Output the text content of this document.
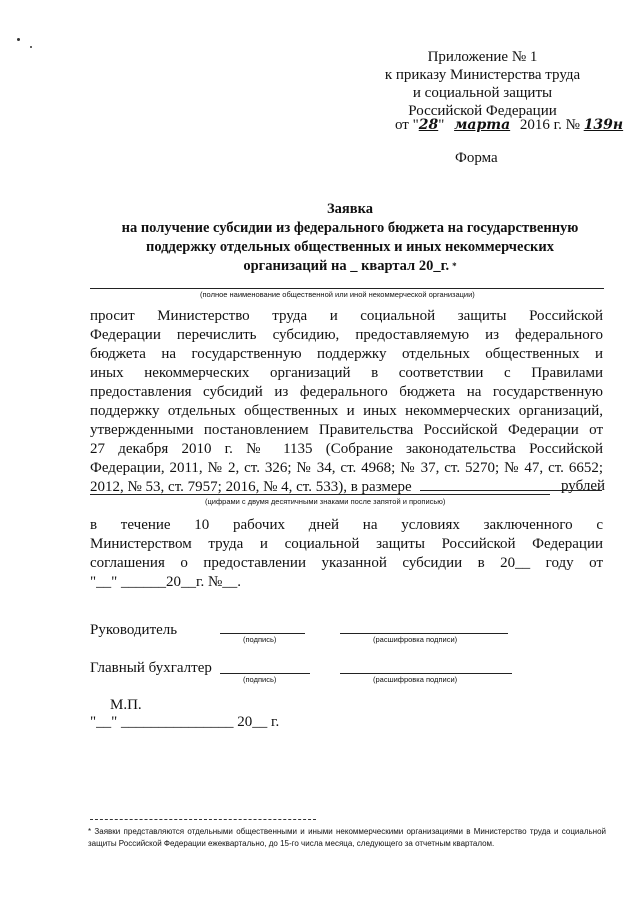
Приложение № 1
к приказу Министерства труда
и социальной защиты
Российской Федерации
от "28" марта 2016 г. № 139н
Форма
Заявка
на получение субсидии из федерального бюджета на государственную
поддержку отдельных общественных и иных некоммерческих
организаций на _ квартал 20_г. *
(полное наименование общественной или иной некоммерческой организации)
просит Министерство труда и социальной защиты Российской
Федерации перечислить субсидию, предоставляемую из федерального
бюджета на государственную поддержку отдельных общественных и
иных некоммерческих организаций в соответствии с Правилами
предоставления субсидий из федерального бюджета на государственную
поддержку отдельных общественных и иных некоммерческих организаций,
утвержденными постановлением Правительства Российской Федерации от
27 декабря 2010 г. № 1135 (Собрание законодательства Российской
Федерации, 2011, № 2, ст. 326; № 34, ст. 4968; № 37, ст. 5270; № 47, ст. 6652;
2012, № 53, ст. 7957; 2016, № 4, ст. 533), в размере	рублей
(цифрами с двумя десятичными знаками после запятой и прописью)
в течение 10 рабочих дней на условиях заключенного с
Министерством труда и социальной защиты Российской Федерации
соглашения о предоставлении указанной субсидии в 20__ году от
"__" ______20__г. №__.
Руководитель
(подпись)	(расшифровка подписи)
Главный бухгалтер
(подпись)	(расшифровка подписи)
М.П.
"__" _______________ 20__ г.
* Заявки представляются отдельными общественными и иными некоммерческими организациями в Министерство труда и социальной защиты Российской Федерации ежеквартально, до 15-го числа месяца, следующего за отчетным кварталом.
